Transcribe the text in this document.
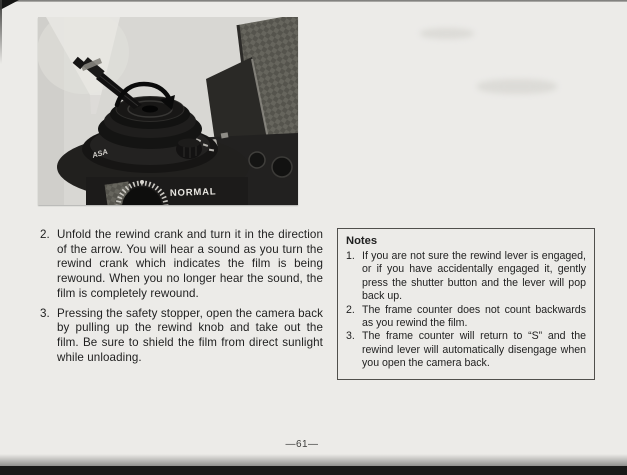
ASA
NORMAL
2. Unfold the rewind crank and turn it in the direction of the arrow. You will hear a sound as you turn the rewind crank which indicates the film is being rewound. When you no longer hear the sound, the film is completely rewound.

3. Pressing the safety stopper, open the camera back by pulling up the rewind knob and take out the film. Be sure to shield the film from direct sunlight while unloading.

Notes
1. If you are not sure the rewind lever is engaged, or if you have accidentally engaged it, gently press the shutter button and the lever will pop back up.

2. The frame counter does not count backwards as you rewind the film.

3. The frame counter will return to “S” and the rewind lever will automatically disengage when you open the camera back.

—61—
